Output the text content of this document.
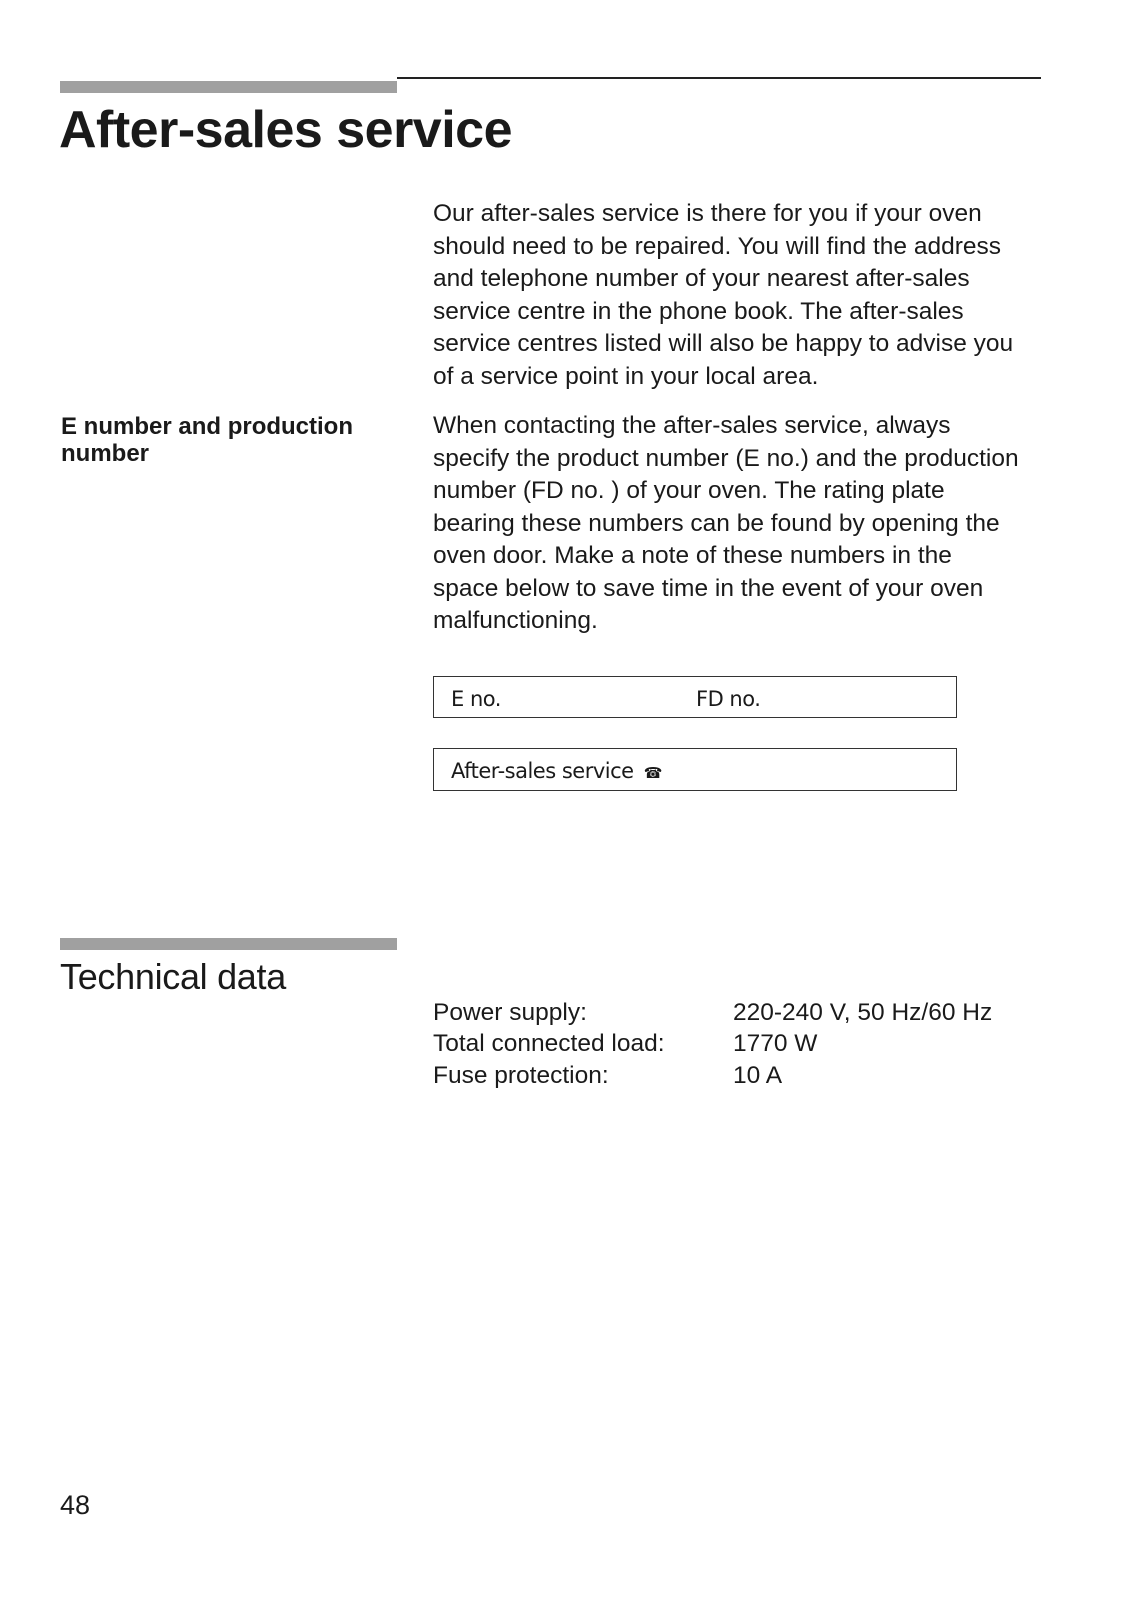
After-sales service

Our after-sales service is there for you if your oven
should need to be repaired. You will find the address
and telephone number of your nearest after-sales
service centre in the phone book. The after-sales
service centres listed will also be happy to advise you
of a service point in your local area.

E number and production
number

When contacting the after-sales service, always
specify the product number (E no.) and the production
number (FD no. ) of your oven. The rating plate
bearing these numbers can be found by opening the
oven door. Make a note of these numbers in the
space below to save time in the event of your oven
malfunctioning.

E no.	FD no.
After-sales service ☎
Technical data
Power supply:	220-240 V, 50 Hz/60 Hz
Total connected load:	1770 W
Fuse protection:	10 A
48
